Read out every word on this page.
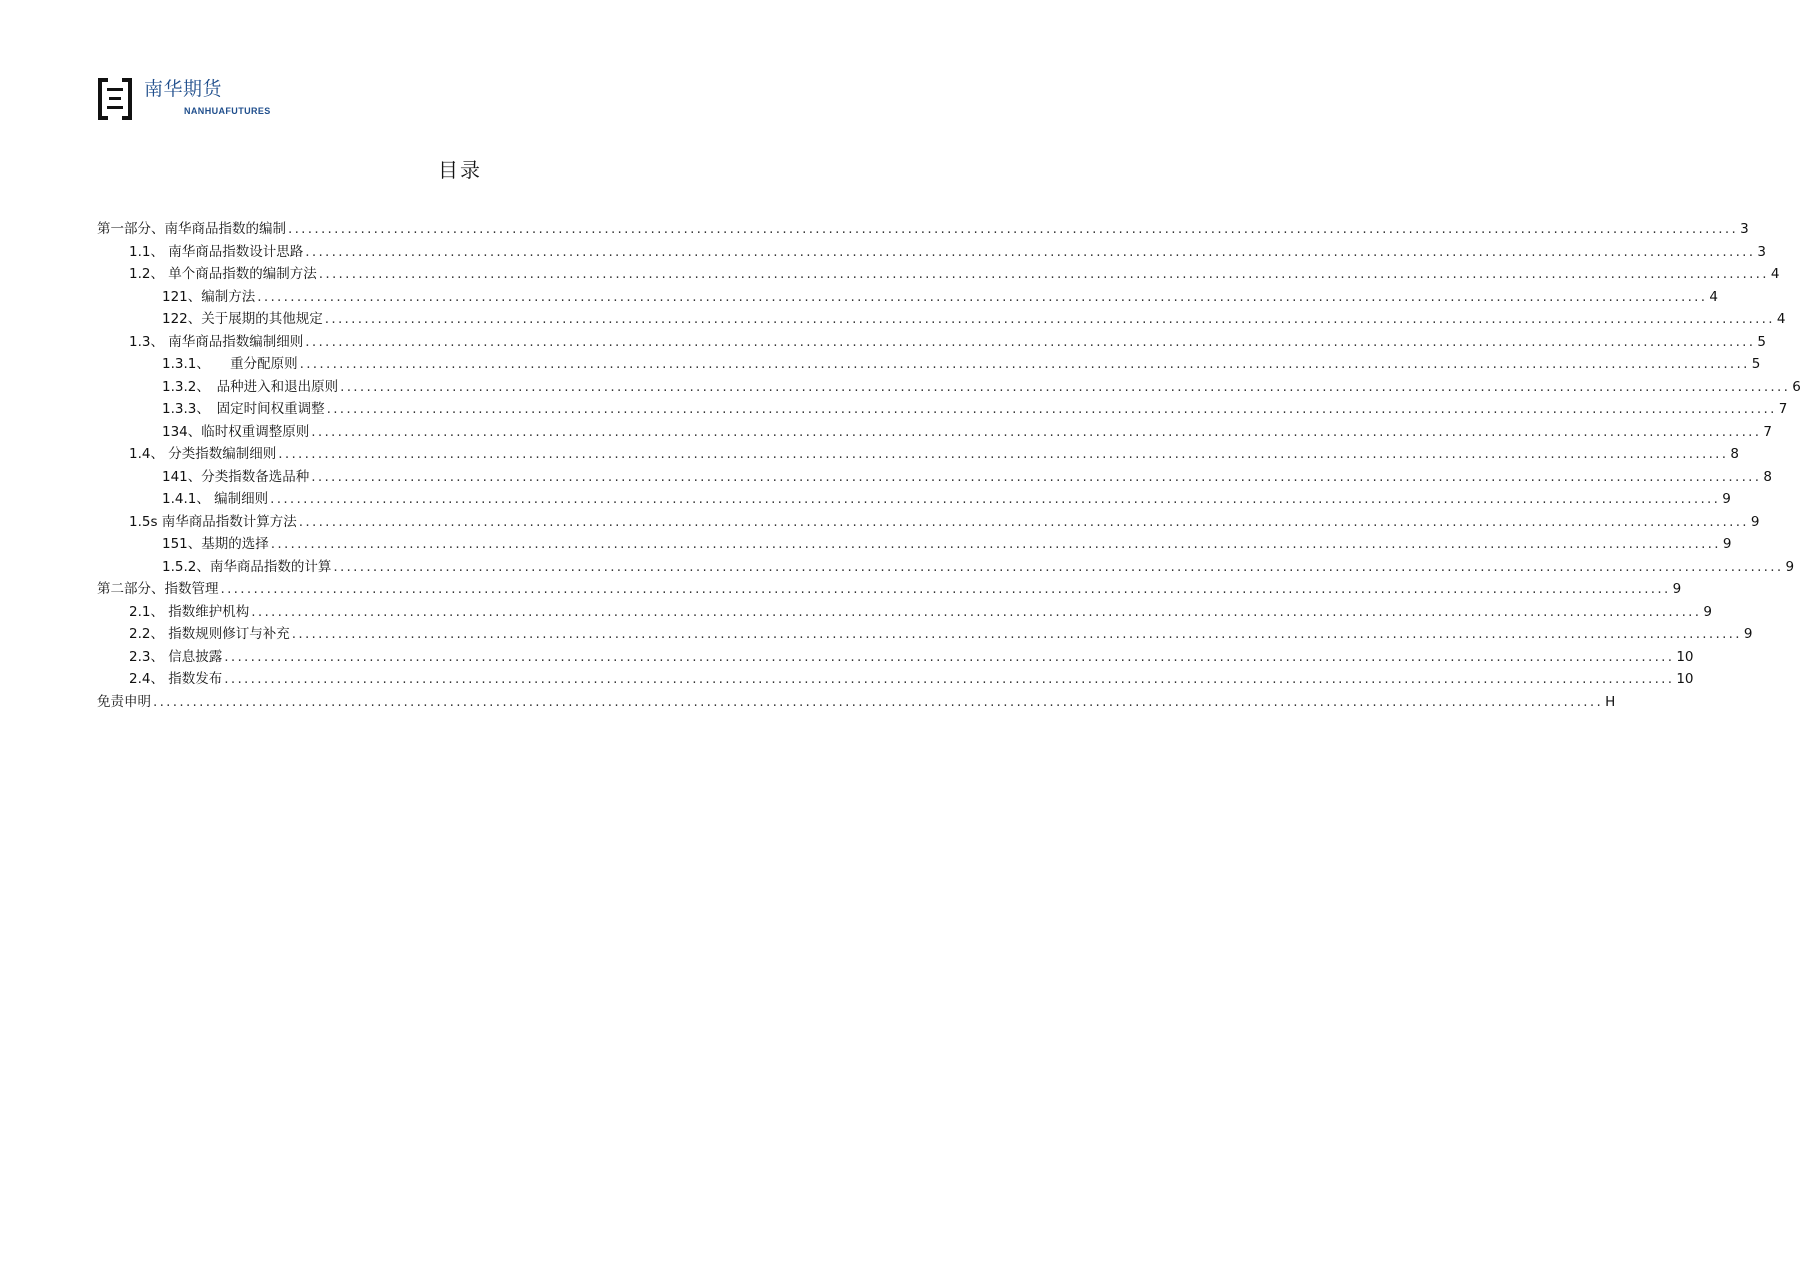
南华期货
NANHUAFUTURES
目录
第一部分、南华商品指数的编制 ............................................................................................................................................................................................................................ 3
1.1、 南华商品指数设计思路 ............................................................................................................................................................................................................................ 3
1.2、 单个商品指数的编制方法 ............................................................................................................................................................................................................................ 4
121、编制方法 ............................................................................................................................................................................................................................ 4
122、关于展期的其他规定 ............................................................................................................................................................................................................................ 4
1.3、 南华商品指数编制细则 ............................................................................................................................................................................................................................ 5
1.3.1、　　重分配原则 ............................................................................................................................................................................................................................ 5
1.3.2、　品种进入和退出原则 ............................................................................................................................................................................................................................ 6
1.3.3、　固定时间权重调整 ............................................................................................................................................................................................................................ 7
134、临时权重调整原则 ............................................................................................................................................................................................................................ 7
1.4、 分类指数编制细则 ............................................................................................................................................................................................................................ 8
141、分类指数备选品种 ............................................................................................................................................................................................................................ 8
1.4.1、 编制细则 ............................................................................................................................................................................................................................ 9
1.5s 南华商品指数计算方法 ............................................................................................................................................................................................................................ 9
151、基期的选择 ............................................................................................................................................................................................................................ 9
1.5.2、南华商品指数的计算 ............................................................................................................................................................................................................................ 9
第二部分、指数管理 ............................................................................................................................................................................................................................ 9
2.1、 指数维护机构 ............................................................................................................................................................................................................................ 9
2.2、 指数规则修订与补充 ............................................................................................................................................................................................................................ 9
2.3、 信息披露 ............................................................................................................................................................................................................................ 10
2.4、 指数发布 ............................................................................................................................................................................................................................ 10
免责申明 ............................................................................................................................................................................................................................ H
